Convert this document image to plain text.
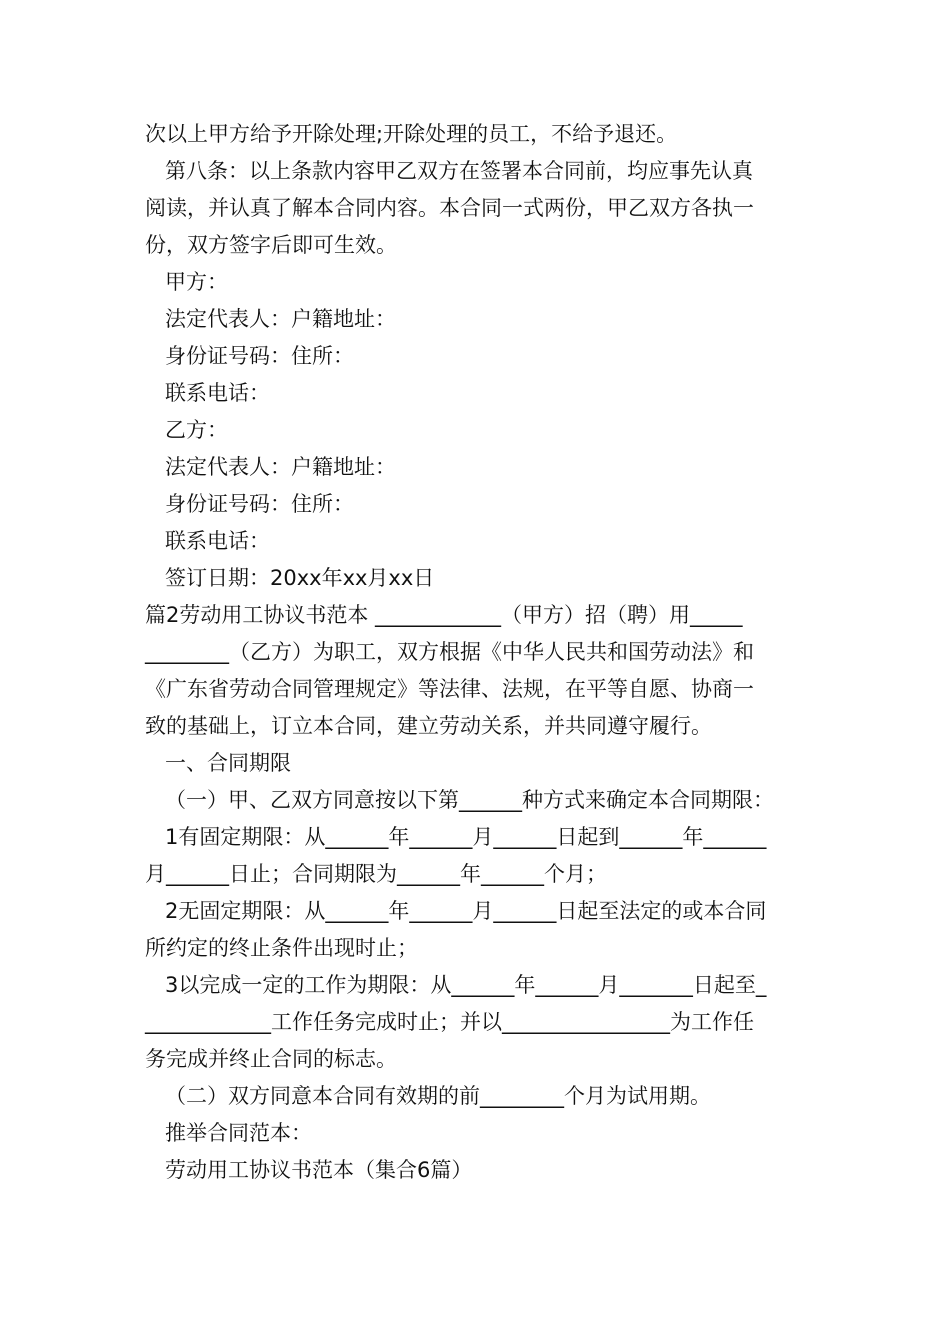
次以上甲方给予开除处理;开除处理的员工，不给予退还。
第八条：以上条款内容甲乙双方在签署本合同前，均应事先认真
阅读，并认真了解本合同内容。本合同一式两份，甲乙双方各执一
份，双方签字后即可生效。
甲方：
法定代表人：户籍地址：
身份证号码：住所：
联系电话：
乙方：
法定代表人：户籍地址：
身份证号码：住所：
联系电话：
签订日期：20xx年xx月xx日
篇2劳动用工协议书范本 ____________（甲方）招（聘）用_____
________（乙方）为职工，双方根据《中华人民共和国劳动法》和
《广东省劳动合同管理规定》等法律、法规，在平等自愿、协商一
致的基础上，订立本合同，建立劳动关系，并共同遵守履行。
一、合同期限
（一）甲、乙双方同意按以下第______种方式来确定本合同期限：
1有固定期限：从______年______月______日起到______年______
月______日止；合同期限为______年______个月；
2无固定期限：从______年______月______日起至法定的或本合同
所约定的终止条件出现时止；
3以完成一定的工作为期限：从______年______月_______日起至_
____________工作任务完成时止；并以________________为工作任
务完成并终止合同的标志。
（二）双方同意本合同有效期的前________个月为试用期。
推举合同范本：
劳动用工协议书范本（集合6篇）
